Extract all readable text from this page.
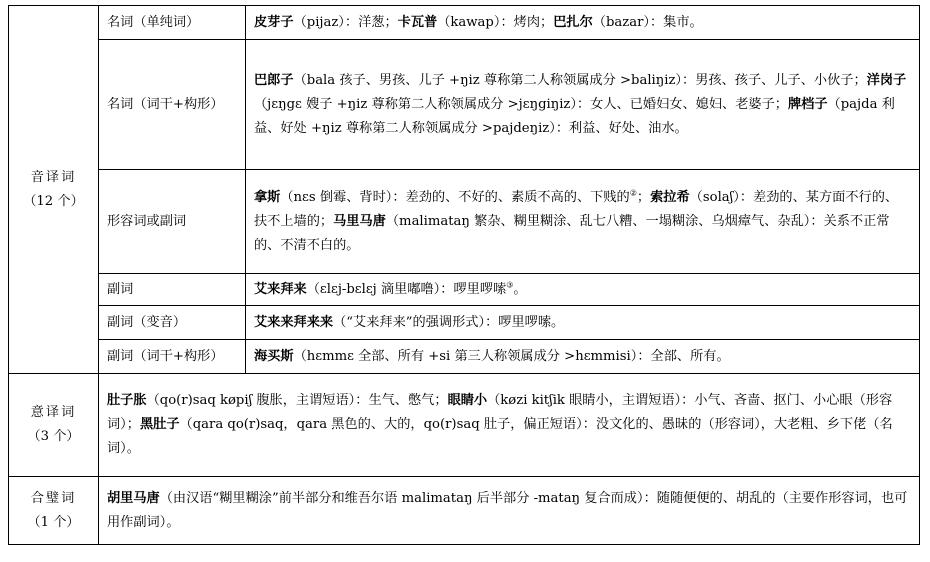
音译词
（12 个）	名词（单纯词）	皮芽子（pijaz）：洋葱；卡瓦普（kawap）：烤肉；巴扎尔（bazar）：集市。
	名词（词干+构形）	巴郎子（bala 孩子、男孩、儿子 +ŋiz 尊称第二人称领属成分 >baliŋiz）：男孩、孩子、儿子、小伙子；洋岗子（jɛŋgɛ 嫂子 +ŋiz 尊称第二人称领属成分 >jɛŋgiŋiz）：女人、已婚妇女、媳妇、老婆子；牌档子（pajda 利益、好处 +ŋiz 尊称第二人称领属成分 >pajdeŋiz）：利益、好处、油水。
	形容词或副词	拿斯（nɛs 倒霉、背时）：差劲的、不好的、素质不高的、下贱的②；索拉希（solaʃ）：差劲的、某方面不行的、扶不上墙的；马里马唐（malimataŋ 繁杂、糊里糊涂、乱七八糟、一塌糊涂、乌烟瘴气、杂乱）：关系不正常的、不清不白的。
	副词	艾来拜来（ɛlɛj-bɛlɛj 滴里嘟噜）：啰里啰嗦③。
	副词（变音）	艾来来拜来来（“艾来拜来”的强调形式）：啰里啰嗦。
	副词（词干+构形）	海买斯（hɛmmɛ 全部、所有 +si 第三人称领属成分 >hɛmmisi）：全部、所有。
意译词
（3 个）	肚子胀（qo(r)saq køpiʃ 腹胀，主谓短语）：生气、憋气；眼睛小（køzi kitʃik 眼睛小，主谓短语）：小气、吝啬、抠门、小心眼（形容词）；黑肚子（qara qo(r)saq，qara 黑色的、大的，qo(r)saq 肚子，偏正短语）：没文化的、愚昧的（形容词），大老粗、乡下佬（名词）。	
合璧词
（1 个）	胡里马唐（由汉语“糊里糊涂”前半部分和维吾尔语 malimataŋ 后半部分 -mataŋ 复合而成）：随随便便的、胡乱的（主要作形容词，也可用作副词）。	
